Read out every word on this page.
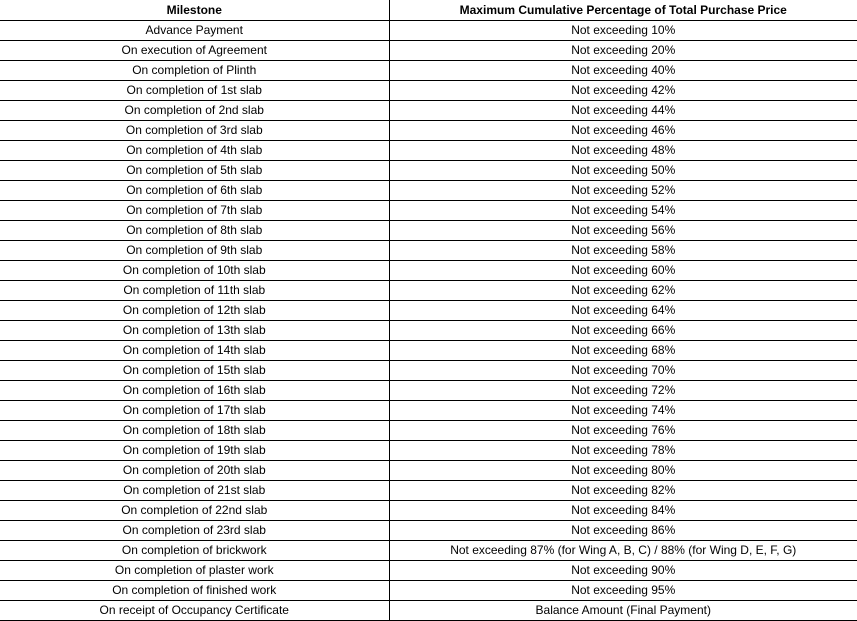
Milestone	Maximum Cumulative Percentage of Total Purchase Price
Advance Payment	Not exceeding 10%
On execution of Agreement	Not exceeding 20%
On completion of Plinth	Not exceeding 40%
On completion of 1st slab	Not exceeding 42%
On completion of 2nd slab	Not exceeding 44%
On completion of 3rd slab	Not exceeding 46%
On completion of 4th slab	Not exceeding 48%
On completion of 5th slab	Not exceeding 50%
On completion of 6th slab	Not exceeding 52%
On completion of 7th slab	Not exceeding 54%
On completion of 8th slab	Not exceeding 56%
On completion of 9th slab	Not exceeding 58%
On completion of 10th slab	Not exceeding 60%
On completion of 11th slab	Not exceeding 62%
On completion of 12th slab	Not exceeding 64%
On completion of 13th slab	Not exceeding 66%
On completion of 14th slab	Not exceeding 68%
On completion of 15th slab	Not exceeding 70%
On completion of 16th slab	Not exceeding 72%
On completion of 17th slab	Not exceeding 74%
On completion of 18th slab	Not exceeding 76%
On completion of 19th slab	Not exceeding 78%
On completion of 20th slab	Not exceeding 80%
On completion of 21st slab	Not exceeding 82%
On completion of 22nd slab	Not exceeding 84%
On completion of 23rd slab	Not exceeding 86%
On completion of brickwork	Not exceeding 87% (for Wing A, B, C) / 88% (for Wing D, E, F, G)
On completion of plaster work	Not exceeding 90%
On completion of finished work	Not exceeding 95%
On receipt of Occupancy Certificate	Balance Amount (Final Payment)
